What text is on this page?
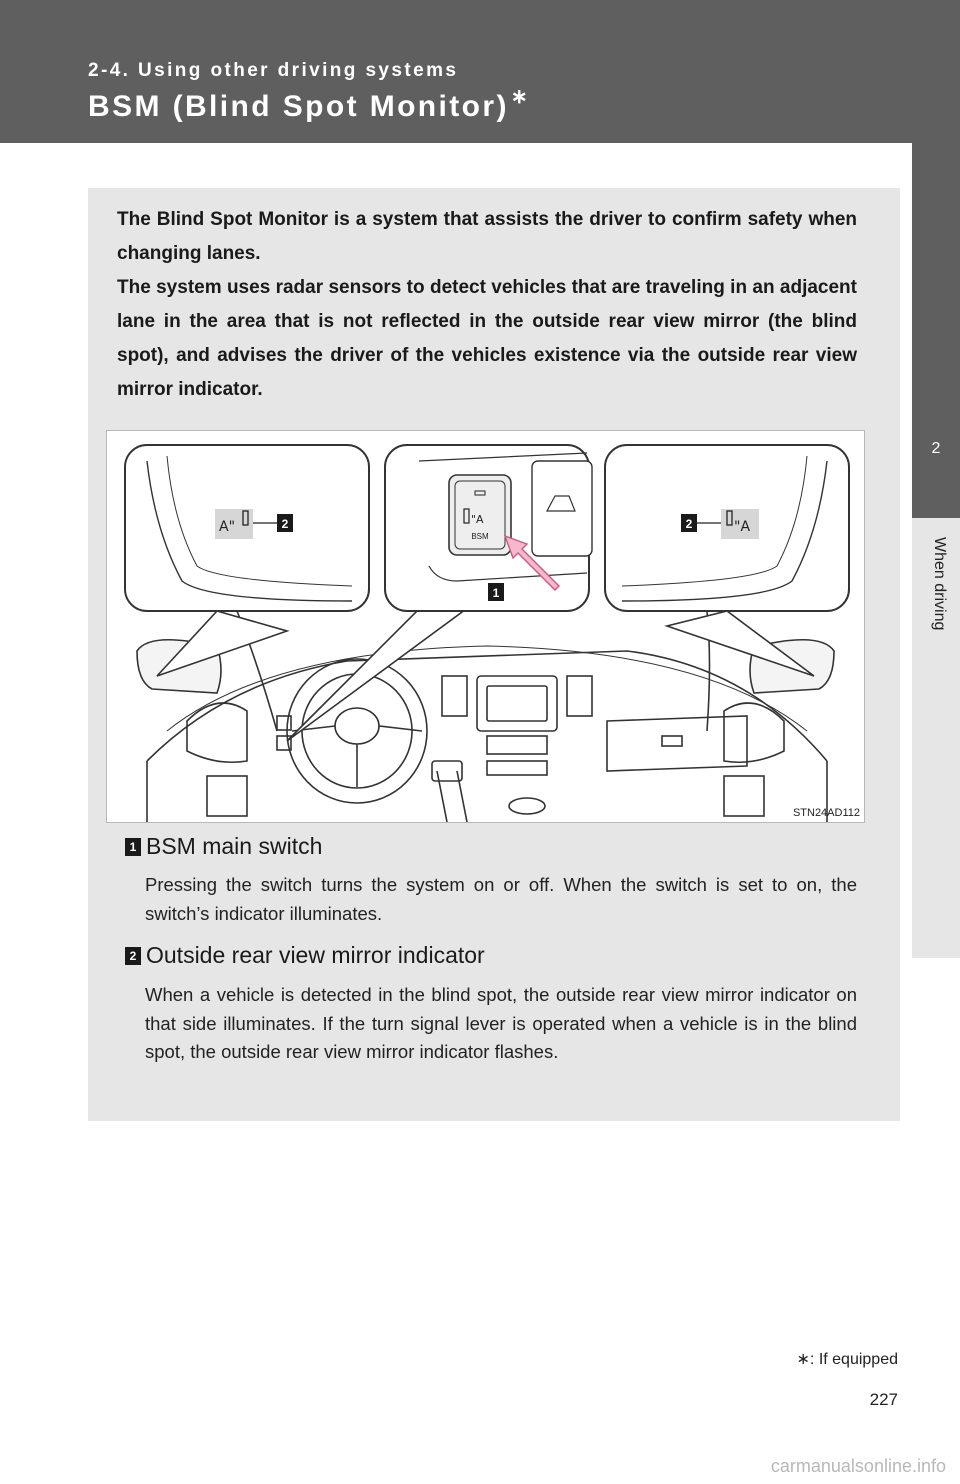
2-4. Using other driving systems
BSM (Blind Spot Monitor) ∗
2
When driving

The Blind Spot Monitor is a system that assists the driver to confirm safety when changing lanes.

The system uses radar sensors to detect vehicles that are traveling in an adjacent lane in the area that is not reflected in the outside rear view mirror (the blind spot), and advises the driver of the vehicles existence via the outside rear view mirror indicator.

A"	2	"A
BSM
1
"A
2
STN24AD112
1 BSM main switch
Pressing the switch turns the system on or off. When the switch is set to on, the switch’s indicator illuminates.
2 Outside rear view mirror indicator
When a vehicle is detected in the blind spot, the outside rear view mirror indicator on that side illuminates. If the turn signal lever is operated when a vehicle is in the blind spot, the outside rear view mirror indicator flashes.
∗: If equipped
227
carmanualsonline.info
